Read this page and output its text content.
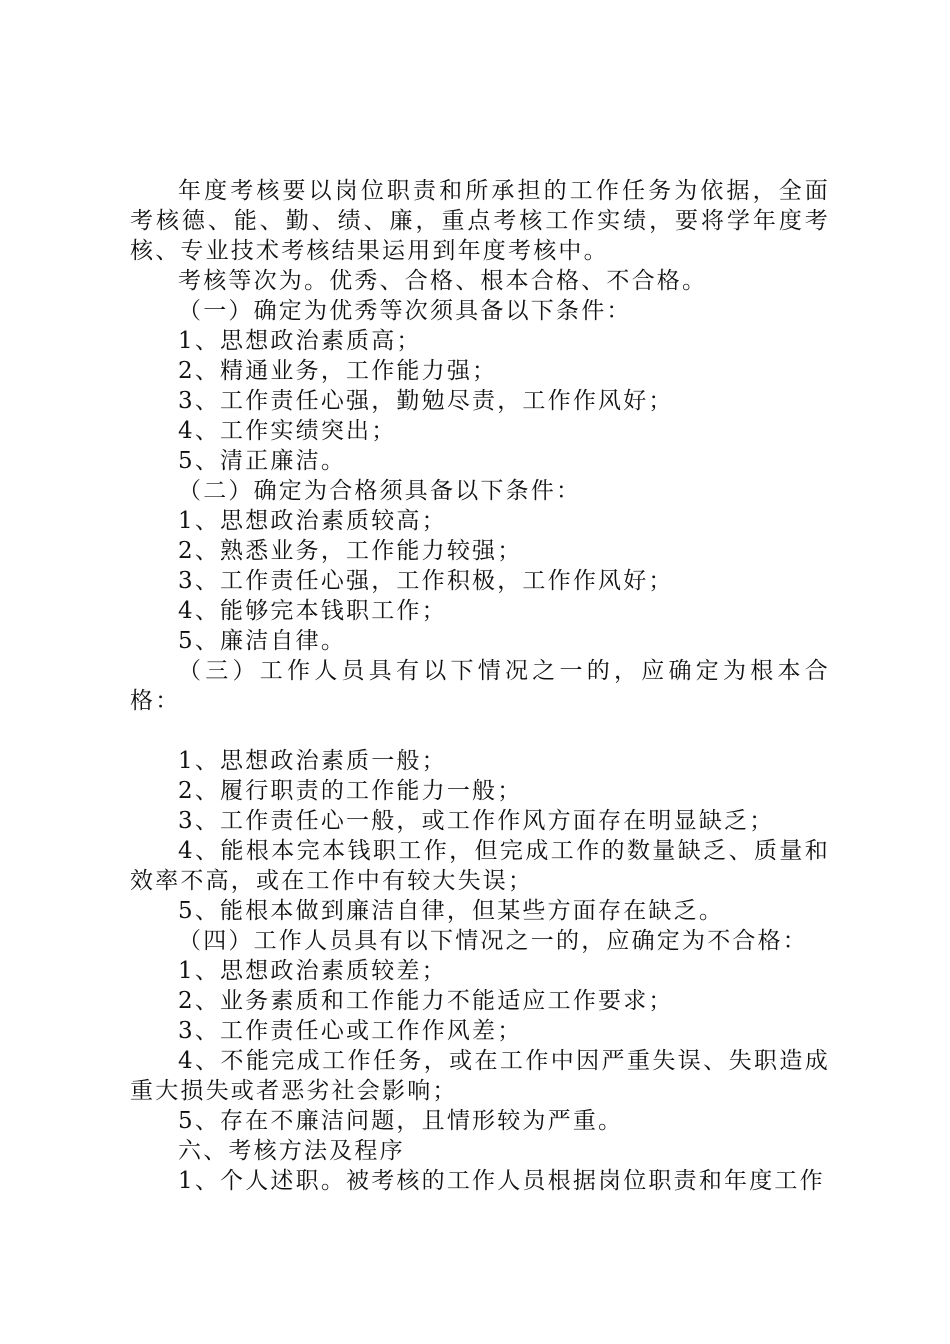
年度考核要以岗位职责和所承担的工作任务为依据，全面考核德、能、勤、绩、廉，重点考核工作实绩，要将学年度考核、专业技术考核结果运用到年度考核中。

考核等次为。优秀、合格、根本合格、不合格。

（一）确定为优秀等次须具备以下条件：

1、思想政治素质高；

2、精通业务，工作能力强；

3、工作责任心强，勤勉尽责，工作作风好；

4、工作实绩突出；

5、清正廉洁。

（二）确定为合格须具备以下条件：

1、思想政治素质较高；

2、熟悉业务，工作能力较强；

3、工作责任心强，工作积极，工作作风好；

4、能够完本钱职工作；

5、廉洁自律。

（三）工作人员具有以下情况之一的，应确定为根本合格：

1、思想政治素质一般；

2、履行职责的工作能力一般；

3、工作责任心一般，或工作作风方面存在明显缺乏；

4、能根本完本钱职工作，但完成工作的数量缺乏、质量和效率不高，或在工作中有较大失误；

5、能根本做到廉洁自律，但某些方面存在缺乏。

（四）工作人员具有以下情况之一的，应确定为不合格：

1、思想政治素质较差；

2、业务素质和工作能力不能适应工作要求；

3、工作责任心或工作作风差；

4、不能完成工作任务，或在工作中因严重失误、失职造成重大损失或者恶劣社会影响；

5、存在不廉洁问题，且情形较为严重。

六、考核方法及程序

1、个人述职。被考核的工作人员根据岗位职责和年度工作
